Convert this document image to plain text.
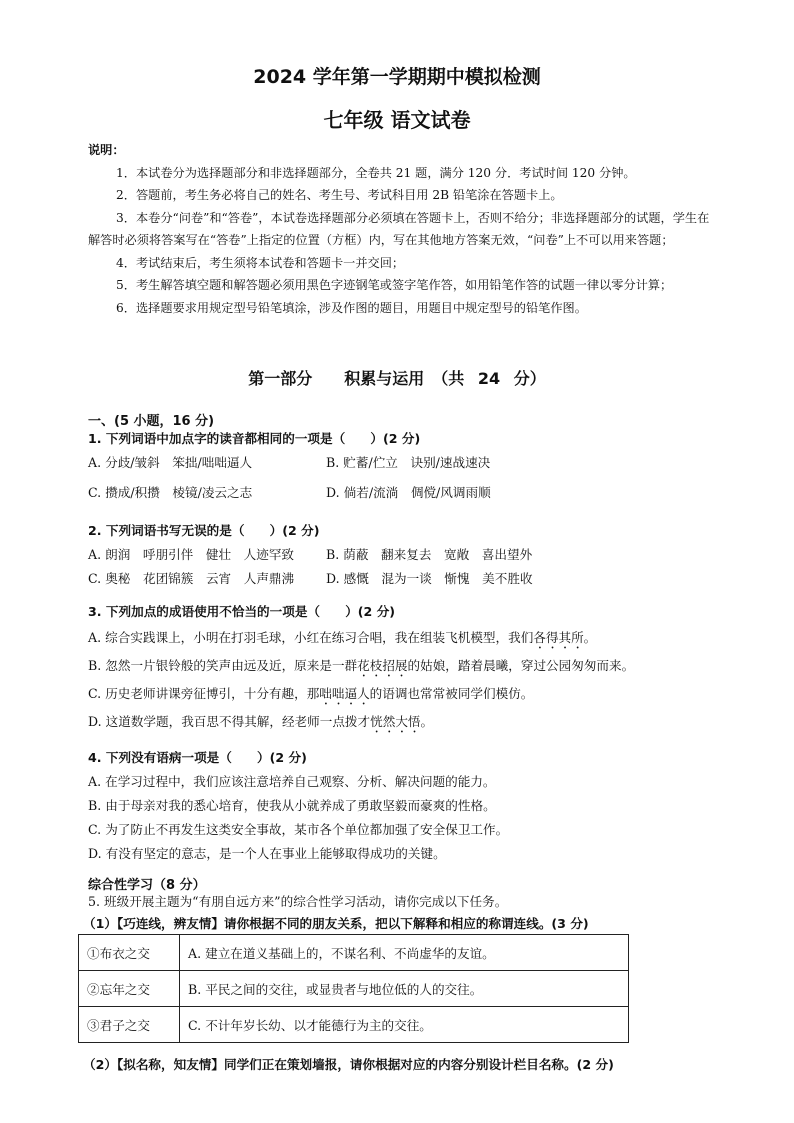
2024 学年第一学期期中模拟检测
七年级 语文试卷

说明：

1．本试卷分为选择题部分和非选择题部分，全卷共 21 题，满分 120 分．考试时间 120 分钟。

2．答题前，考生务必将自己的姓名、考生号、考试科目用 2B 铅笔涂在答题卡上。

3．本卷分“问卷”和“答卷”，本试卷选择题部分必须填在答题卡上，否则不给分；非选择题部分的试题，学生在解答时必须将答案写在“答卷”上指定的位置（方框）内，写在其他地方答案无效，“问卷”上不可以用来答题；

4．考试结束后，考生须将本试卷和答题卡一并交回；

5．考生解答填空题和解答题必须用黑色字迹钢笔或签字笔作答，如用铅笔作答的试题一律以零分计算；

6．选择题要求用规定型号铅笔填涂，涉及作图的题目，用题目中规定型号的铅笔作图。

第一部分　　积累与运用　（共 24 分）
一、(5 小题，16 分)

1. 下列词语中加点字的读音都相同的一项是（　　）(2 分)

A. 分歧/皱斜　笨拙/咄咄逼人	B. 贮蓄/伫立　诀别/速战速决

C. 攒成/积攒　棱镜/凌云之志	D. 倘若/流淌　倜傥/风调雨顺

2. 下列词语书写无误的是（　　）(2 分)

A. 朗润　呼朋引伴　健壮　人迹罕致	B. 荫蔽　翻来复去　宽敞　喜出望外

C. 奥秘　花团锦簇　云宵　人声鼎沸	D. 感慨　混为一谈　惭愧　美不胜收

3. 下列加点的成语使用不恰当的一项是（　　）(2 分)

A. 综合实践课上，小明在打羽毛球，小红在练习合唱，我在组装飞机模型，我们各得其所。

B. 忽然一片银铃般的笑声由远及近，原来是一群花枝招展的姑娘，踏着晨曦，穿过公园匆匆而来。

C. 历史老师讲课旁征博引，十分有趣，那咄咄逼人的语调也常常被同学们模仿。

D. 这道数学题，我百思不得其解，经老师一点拨才恍然大悟。

4. 下列没有语病一项是（　　）(2 分)

A. 在学习过程中，我们应该注意培养自己观察、分析、解决问题的能力。

B. 由于母亲对我的悉心培育，使我从小就养成了勇敢坚毅而豪爽的性格。

C. 为了防止不再发生这类安全事故，某市各个单位都加强了安全保卫工作。

D. 有没有坚定的意志，是一个人在事业上能够取得成功的关键。

综合性学习（8 分）

5. 班级开展主题为“有朋自远方来”的综合性学习活动，请你完成以下任务。

（1）【巧连线，辨友情】请你根据不同的朋友关系，把以下解释和相应的称谓连线。(3 分)

①布衣之交	A. 建立在道义基础上的，不谋名利、不尚虚华的友谊。
②忘年之交	B. 平民之间的交往，或显贵者与地位低的人的交往。
③君子之交	C. 不计年岁长幼、以才能德行为主的交往。
（2）【拟名称，知友情】同学们正在策划墙报，请你根据对应的内容分别设计栏目名称。(2 分)
